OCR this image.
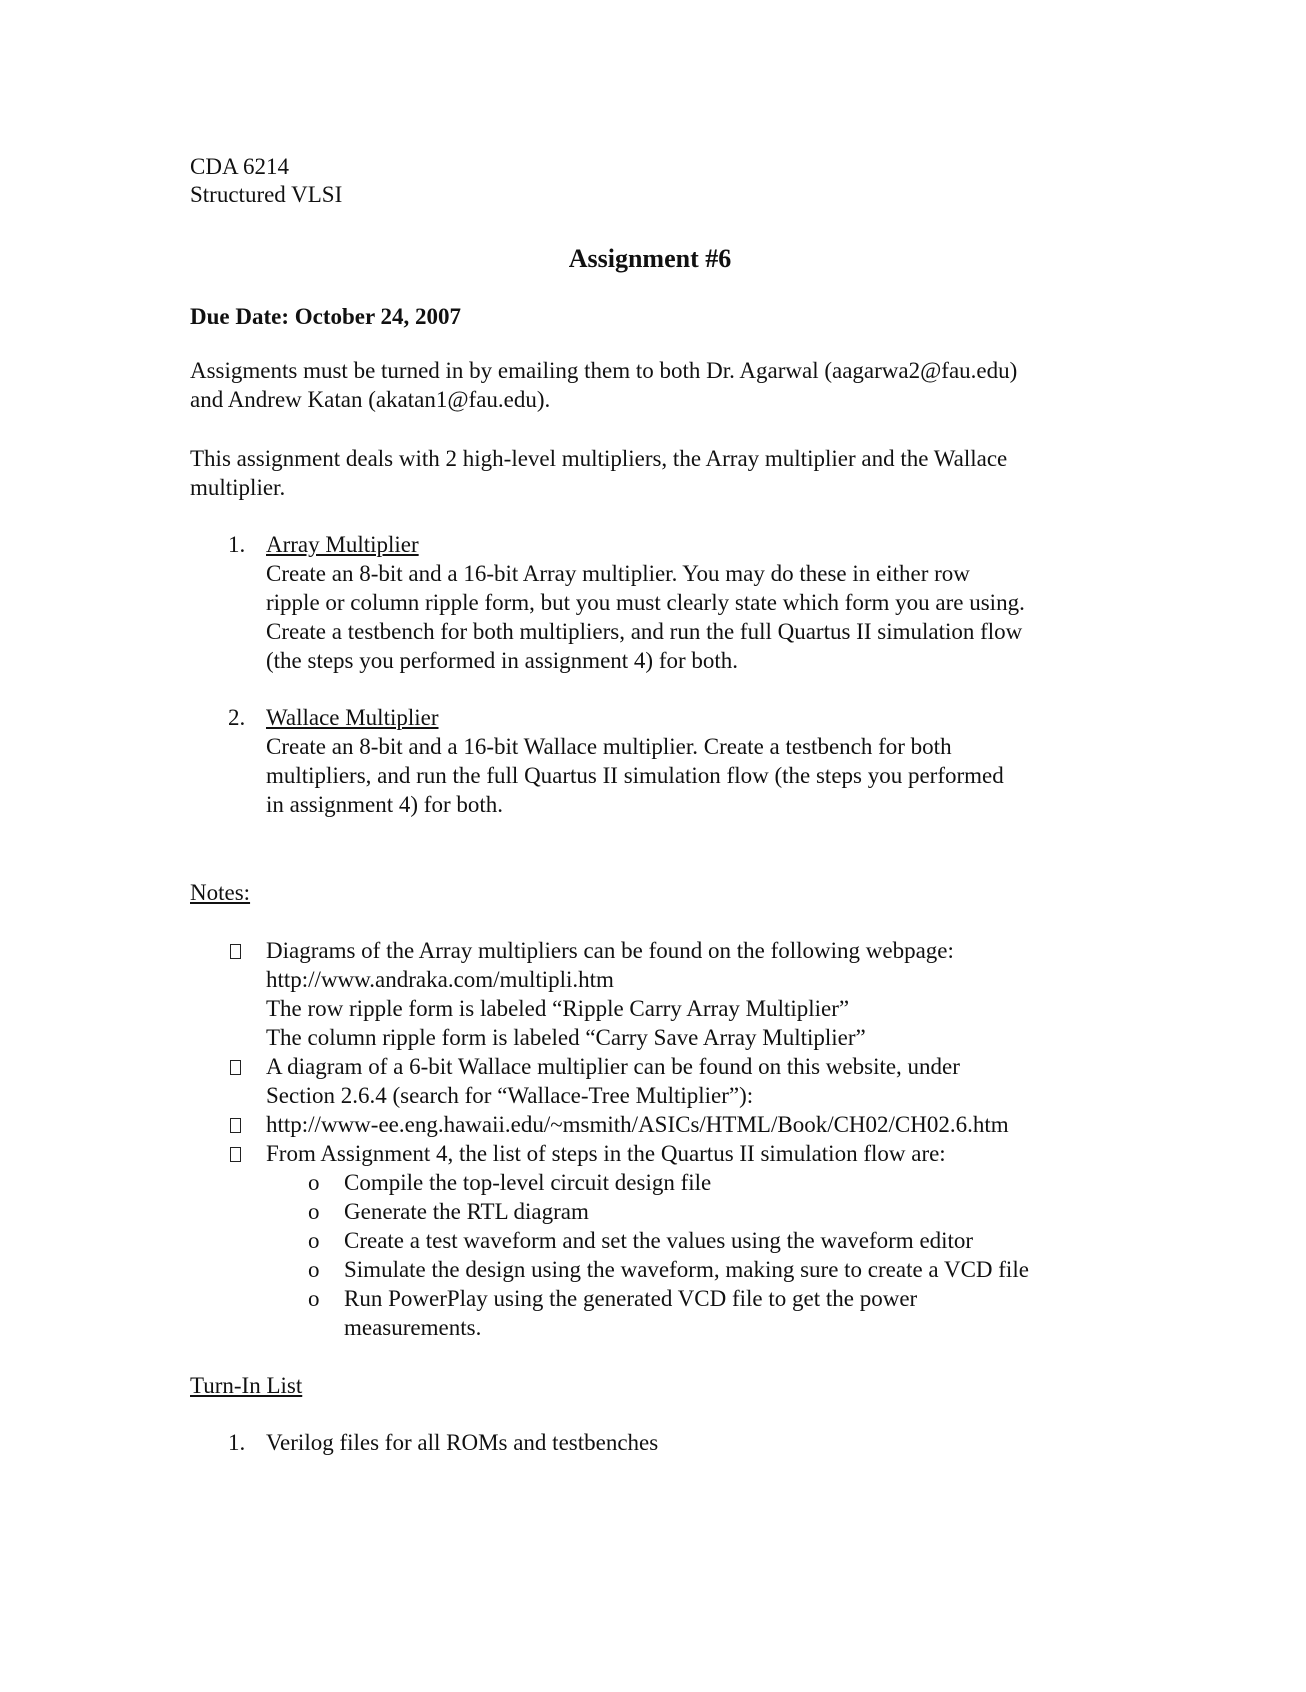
CDA 6214
Structured VLSI
Assignment #6
Due Date: October 24, 2007
Assigments must be turned in by emailing them to both Dr. Agarwal (aagarwa2@fau.edu)
and Andrew Katan (akatan1@fau.edu).
This assignment deals with 2 high-level multipliers, the Array multiplier and the Wallace
multiplier.
1. Array Multiplier
Create an 8-bit and a 16-bit Array multiplier. You may do these in either row
ripple or column ripple form, but you must clearly state which form you are using.
Create a testbench for both multipliers, and run the full Quartus II simulation flow
(the steps you performed in assignment 4) for both.
2. Wallace Multiplier
Create an 8-bit and a 16-bit Wallace multiplier. Create a testbench for both
multipliers, and run the full Quartus II simulation flow (the steps you performed
in assignment 4) for both.
Notes:
Diagrams of the Array multipliers can be found on the following webpage:
http://www.andraka.com/multipli.htm
The row ripple form is labeled “Ripple Carry Array Multiplier”
The column ripple form is labeled “Carry Save Array Multiplier”
A diagram of a 6-bit Wallace multiplier can be found on this website, under
Section 2.6.4 (search for “Wallace-Tree Multiplier”):
http://www-ee.eng.hawaii.edu/~msmith/ASICs/HTML/Book/CH02/CH02.6.htm
From Assignment 4, the list of steps in the Quartus II simulation flow are:
o Compile the top-level circuit design file
o Generate the RTL diagram
o Create a test waveform and set the values using the waveform editor
o Simulate the design using the waveform, making sure to create a VCD file
o Run PowerPlay using the generated VCD file to get the power
measurements.
Turn-In List
1. Verilog files for all ROMs and testbenches
